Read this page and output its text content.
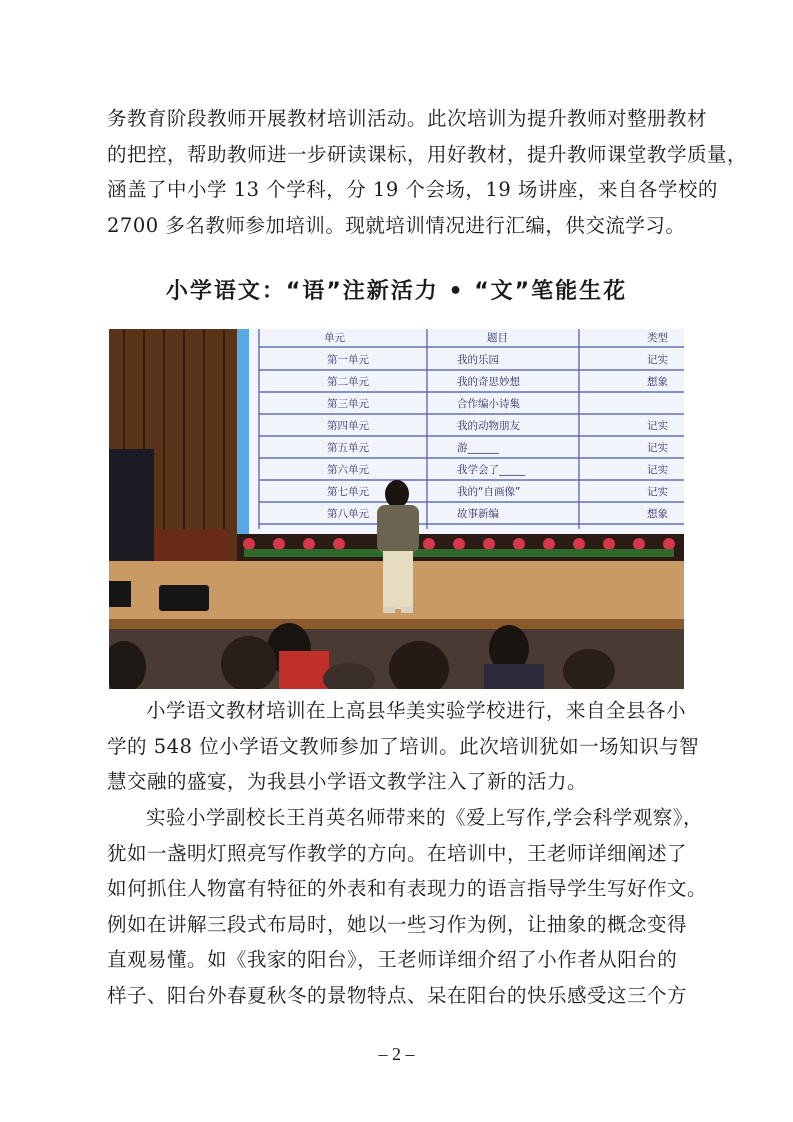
务教育阶段教师开展教材培训活动。此次培训为提升教师对整册教材

的把控，帮助教师进一步研读课标，用好教材，提升教师课堂教学质量，

涵盖了中小学 13 个学科，分 19 个会场，19 场讲座，来自各学校的

2700 多名教师参加培训。现就培训情况进行汇编，供交流学习。

小学语文：“语”注新活力 • “文”笔能生花
单元	题目	类型
第一单元	我的乐园	记实
第二单元	我的奇思妙想	想象
第三单元	合作编小诗集
第四单元	我的动物朋友	记实
第五单元	游______	记实
第六单元	我学会了_____	记实
第七单元	我的“自画像”	记实
第八单元	故事新编	想象

小学语文教材培训在上高县华美实验学校进行，来自全县各小

学的 548 位小学语文教师参加了培训。此次培训犹如一场知识与智

慧交融的盛宴，为我县小学语文教学注入了新的活力。

实验小学副校长王肖英名师带来的《爱上写作,学会科学观察》，

犹如一盏明灯照亮写作教学的方向。在培训中，王老师详细阐述了

如何抓住人物富有特征的外表和有表现力的语言指导学生写好作文。

例如在讲解三段式布局时，她以一些习作为例，让抽象的概念变得

直观易懂。如《我家的阳台》，王老师详细介绍了小作者从阳台的

样子、阳台外春夏秋冬的景物特点、呆在阳台的快乐感受这三个方

– 2 –
